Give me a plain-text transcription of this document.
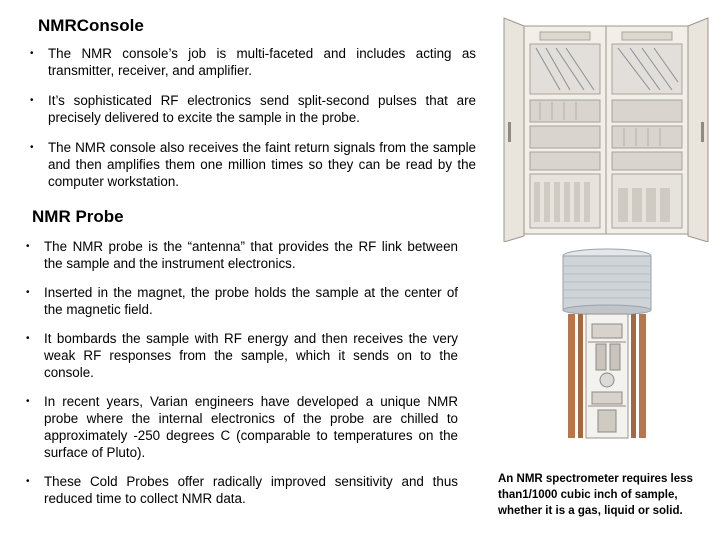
NMRConsole
• The NMR console’s job is multi-faceted and includes acting as transmitter, receiver, and amplifier.
• It’s sophisticated RF electronics send split-second pulses that are precisely delivered to excite the sample in the probe.
• The NMR console also receives the faint return signals from the sample and then amplifies them one million times so they can be read by the computer workstation.
NMR Probe
• The NMR probe is the “antenna” that provides the RF link between the sample and the instrument electronics.
• Inserted in the magnet, the probe holds the sample at the center of the magnetic field.
• It bombards the sample with RF energy and then receives the very weak RF responses from the sample, which it sends on to the console.
• In recent years, Varian engineers have developed a unique NMR probe where the internal electronics of the probe are chilled to approximately -250 degrees C (comparable to temperatures on the surface of Pluto).
• These Cold Probes offer radically improved sensitivity and thus reduced time to collect NMR data.

An NMR spectrometer requires less than1/1000 cubic inch of sample, whether it is a gas, liquid or solid.
